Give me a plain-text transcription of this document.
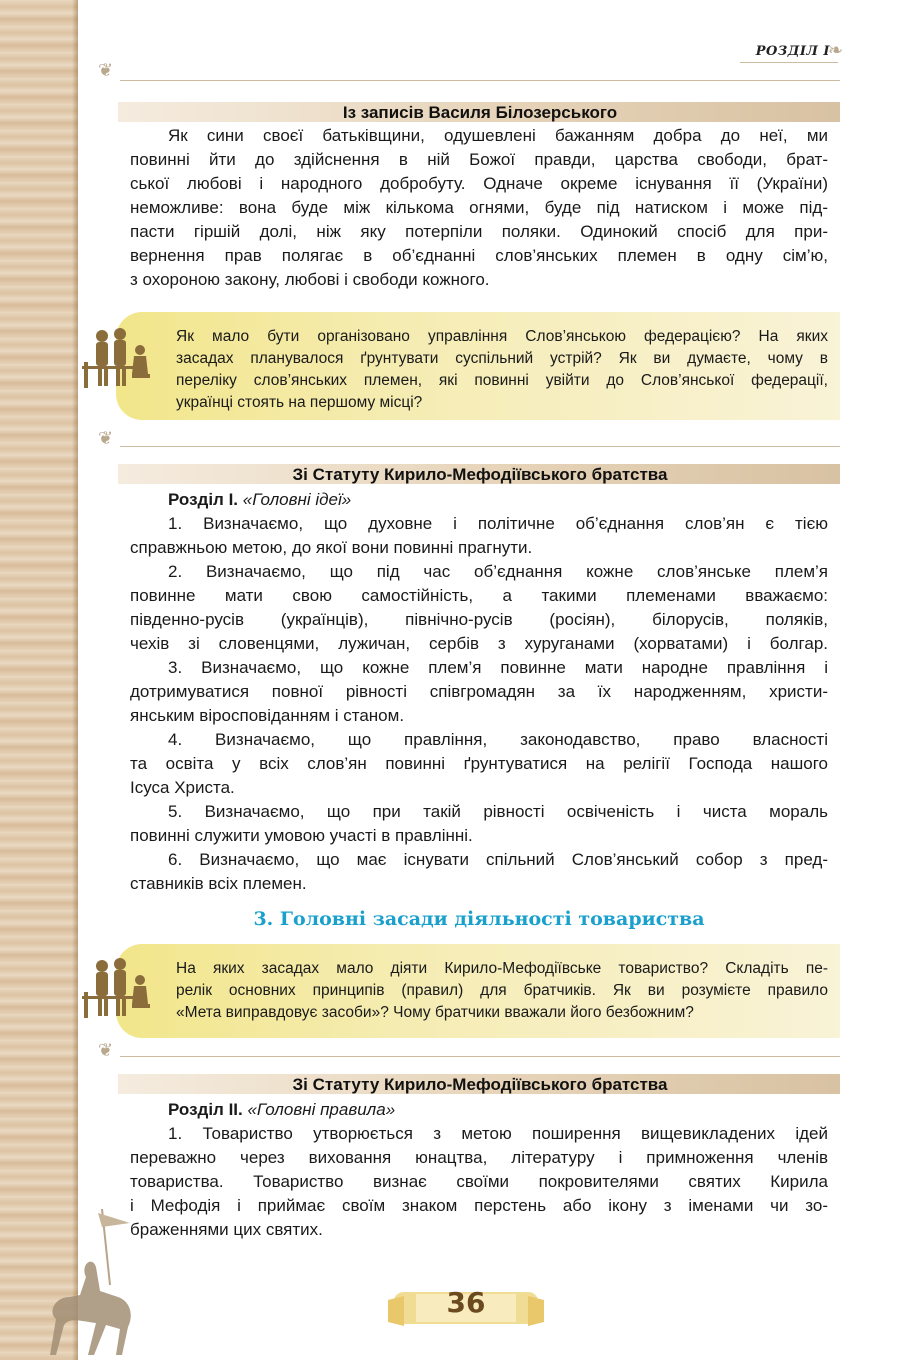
РОЗДІЛ І
❧
❦
Із записів Василя Білозерського
Як сини своєї батьківщини, одушевлені бажанням добра до неї, ми
повинні йти до здійснення в ній Божої правди, царства свободи, брат-
ської любові і народного добробуту. Одначе окреме існування її (України)
неможливе: вона буде між кількома огнями, буде під натиском і може під-
пасти гіршій долі, ніж яку потерпіли поляки. Одинокий спосіб для при-
вернення прав полягає в об’єднанні слов’янських племен в одну сім’ю,
з охороною закону, любові і свободи кожного.
Як мало бути організовано управління Слов’янською федерацією? На яких
засадах планувалося ґрунтувати суспільний устрій? Як ви думаєте, чому в
переліку слов’янських племен, які повинні увійти до Слов’янської федерації,
українці стоять на першому місці?
❦
Зі Статуту Кирило-Мефодіївського братства
Розділ І. «Головні ідеї»
1. Визначаємо, що духовне і політичне об’єднання слов’ян є тією
справжньою метою, до якої вони повинні прагнути.
2. Визначаємо, що під час об’єднання кожне слов’янське плем’я
повинне мати свою самостійність, а такими племенами вважаємо:
південно-русів (українців), північно-русів (росіян), білорусів, поляків,
чехів зі словенцями, лужичан, сербів з хуруганами (хорватами) і болгар.
3. Визначаємо, що кожне плем’я повинне мати народне правління і
дотримуватися повної рівності співгромадян за їх народженням, христи-
янським віросповіданням і станом.
4. Визначаємо, що правління, законодавство, право власності
та освіта у всіх слов’ян повинні ґрунтуватися на релігії Господа нашого
Ісуса Христа.
5. Визначаємо, що при такій рівності освіченість і чиста мораль
повинні служити умовою участі в правлінні.
6. Визначаємо, що має існувати спільний Слов’янський собор з пред-
ставників всіх племен.
3. Головні засади діяльності товариства
На яких засадах мало діяти Кирило-Мефодіївське товариство? Складіть пе-
релік основних принципів (правил) для братчиків. Як ви розумієте правило
«Мета виправдовує засоби»? Чому братчики вважали його безбожним?
❦
Зі Статуту Кирило-Мефодіївського братства
Розділ ІІ. «Головні правила»
1. Товариство утворюється з метою поширення вищевикладених ідей
переважно через виховання юнацтва, літературу і примноження членів
товариства. Товариство визнає своїми покровителями святих Кирила
і Мефодія і приймає своїм знаком перстень або ікону з іменами чи зо-
браженнями цих святих.
36
